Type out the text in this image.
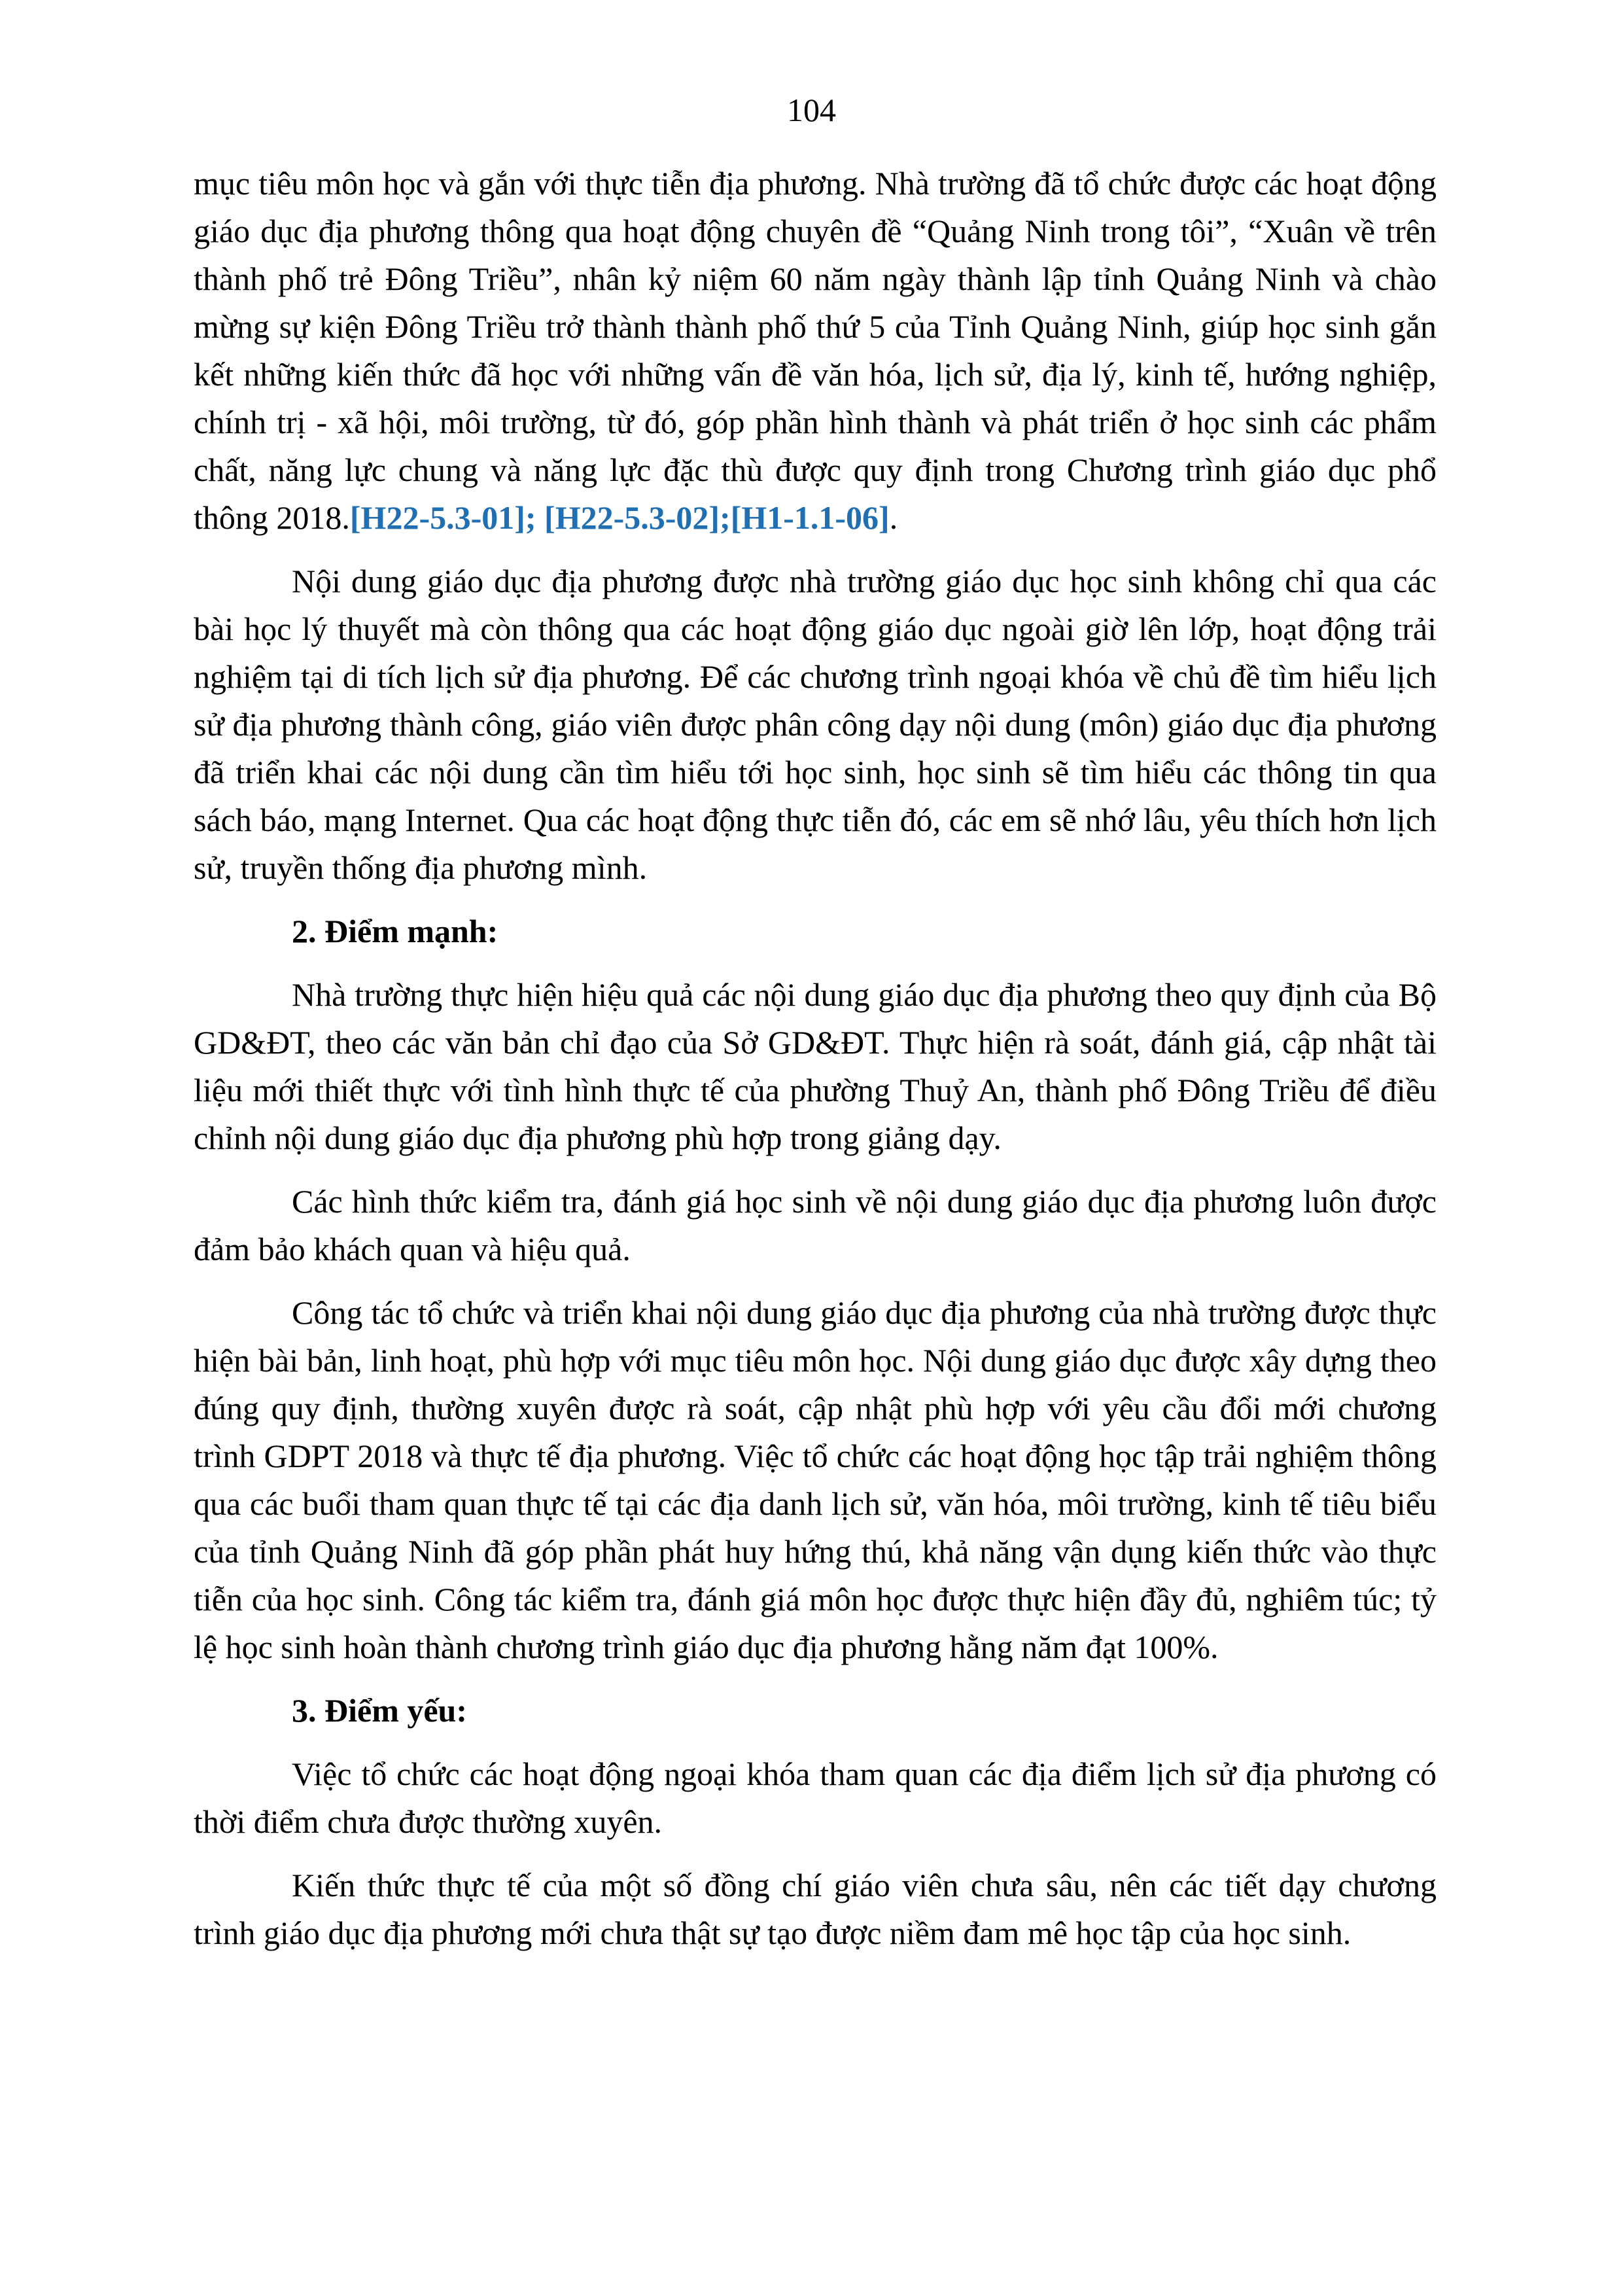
104

mục tiêu môn học và gắn với thực tiễn địa phương. Nhà trường đã tổ chức được các hoạt động giáo dục địa phương thông qua hoạt động chuyên đề “Quảng Ninh trong tôi”, “Xuân về trên thành phố trẻ Đông Triều”, nhân kỷ niệm 60 năm ngày thành lập tỉnh Quảng Ninh và chào mừng sự kiện Đông Triều trở thành thành phố thứ 5 của Tỉnh Quảng Ninh, giúp học sinh gắn kết những kiến thức đã học với những vấn đề văn hóa, lịch sử, địa lý, kinh tế, hướng nghiệp, chính trị - xã hội, môi trường, từ đó, góp phần hình thành và phát triển ở học sinh các phẩm chất, năng lực chung và năng lực đặc thù được quy định trong Chương trình giáo dục phổ thông 2018.[H22-5.3-01]; [H22-5.3-02];[H1-1.1-06].

Nội dung giáo dục địa phương được nhà trường giáo dục học sinh không chỉ qua các bài học lý thuyết mà còn thông qua các hoạt động giáo dục ngoài giờ lên lớp, hoạt động trải nghiệm tại di tích lịch sử địa phương. Để các chương trình ngoại khóa về chủ đề tìm hiểu lịch sử địa phương thành công, giáo viên được phân công dạy nội dung (môn) giáo dục địa phương đã triển khai các nội dung cần tìm hiểu tới học sinh, học sinh sẽ tìm hiểu các thông tin qua sách báo, mạng Internet. Qua các hoạt động thực tiễn đó, các em sẽ nhớ lâu, yêu thích hơn lịch sử, truyền thống địa phương mình.

2. Điểm mạnh:

Nhà trường thực hiện hiệu quả các nội dung giáo dục địa phương theo quy định của Bộ GD&ĐT, theo các văn bản chỉ đạo của Sở GD&ĐT. Thực hiện rà soát, đánh giá, cập nhật tài liệu mới thiết thực với tình hình thực tế của phường Thuỷ An, thành phố Đông Triều để điều chỉnh nội dung giáo dục địa phương phù hợp trong giảng dạy.

Các hình thức kiểm tra, đánh giá học sinh về nội dung giáo dục địa phương luôn được đảm bảo khách quan và hiệu quả.

Công tác tổ chức và triển khai nội dung giáo dục địa phương của nhà trường được thực hiện bài bản, linh hoạt, phù hợp với mục tiêu môn học. Nội dung giáo dục được xây dựng theo đúng quy định, thường xuyên được rà soát, cập nhật phù hợp với yêu cầu đổi mới chương trình GDPT 2018 và thực tế địa phương. Việc tổ chức các hoạt động học tập trải nghiệm thông qua các buổi tham quan thực tế tại các địa danh lịch sử, văn hóa, môi trường, kinh tế tiêu biểu của tỉnh Quảng Ninh đã góp phần phát huy hứng thú, khả năng vận dụng kiến thức vào thực tiễn của học sinh. Công tác kiểm tra, đánh giá môn học được thực hiện đầy đủ, nghiêm túc; tỷ lệ học sinh hoàn thành chương trình giáo dục địa phương hằng năm đạt 100%.

3. Điểm yếu:

Việc tổ chức các hoạt động ngoại khóa tham quan các địa điểm lịch sử địa phương có thời điểm chưa được thường xuyên.

Kiến thức thực tế của một số đồng chí giáo viên chưa sâu, nên các tiết dạy chương trình giáo dục địa phương mới chưa thật sự tạo được niềm đam mê học tập của học sinh.
